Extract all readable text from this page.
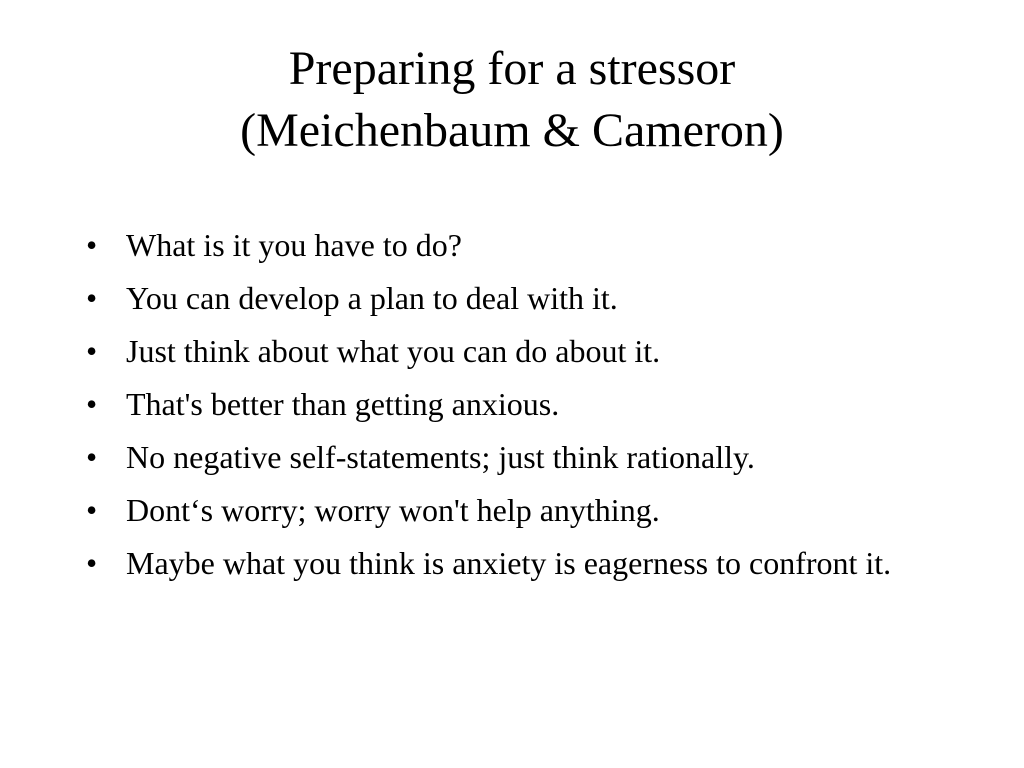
Preparing for a stressor
(Meichenbaum & Cameron)
• What is it you have to do?
• You can develop a plan to deal with it.
• Just think about what you can do about it.
• That's better than getting anxious.
• No negative self-statements; just think rationally.
• Dont‘s worry; worry won't help anything.
• Maybe what you think is anxiety is eagerness to confront it.
